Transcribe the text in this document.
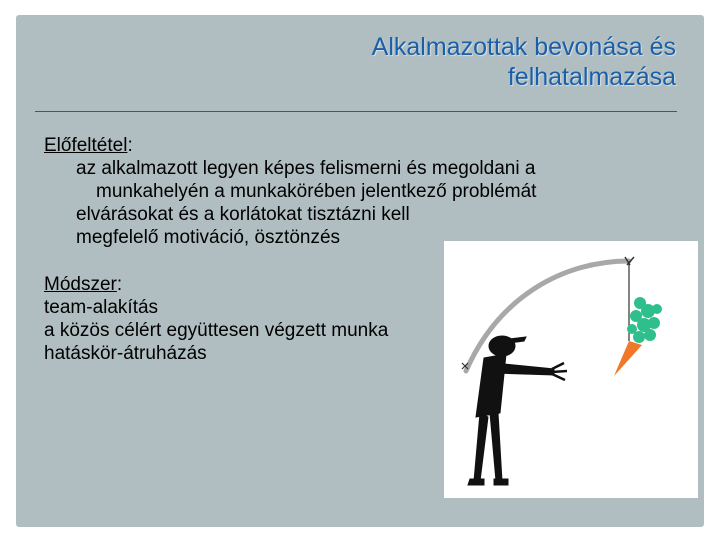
Alkalmazottak bevonása és
felhatalmazása
Előfeltétel:
az alkalmazott legyen képes felismerni és megoldani a
munkahelyén a munkakörében jelentkező problémát
elvárásokat és a korlátokat tisztázni kell
megfelelő motiváció, ösztönzés
Módszer:
team-alakítás
a közös célért együttesen végzett munka
hatáskör-átruházás
